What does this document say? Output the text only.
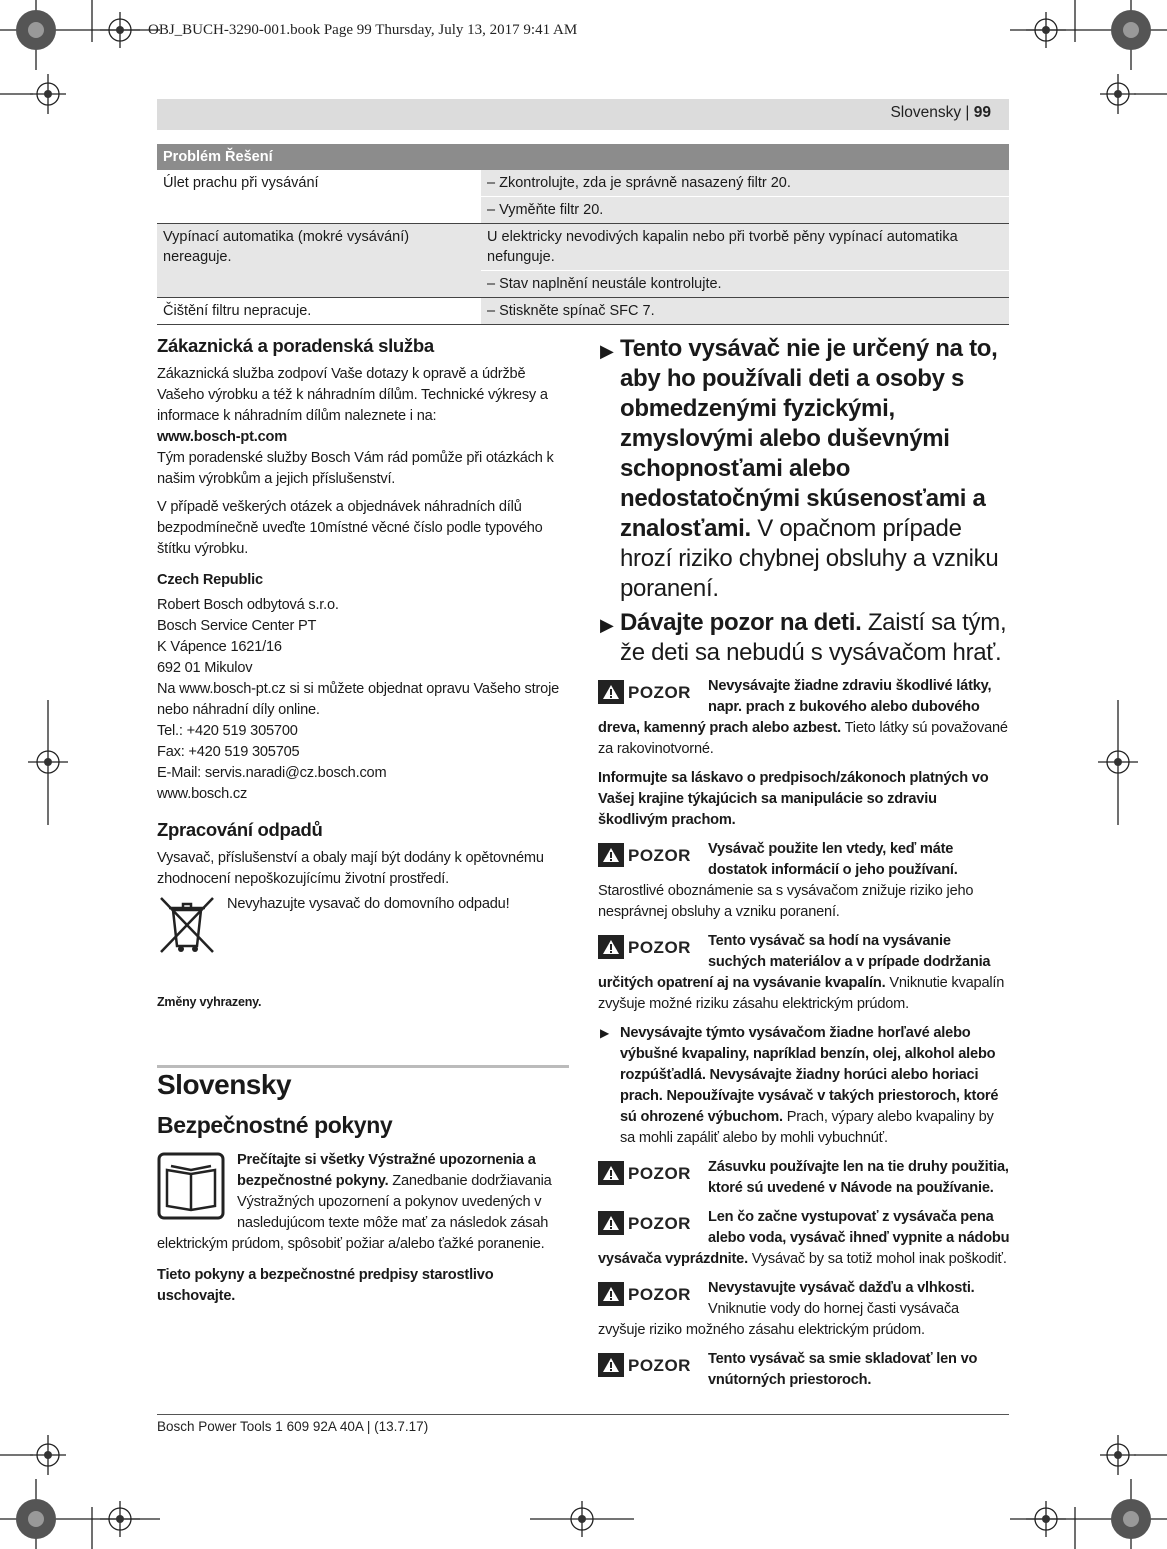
OBJ_BUCH-3290-001.book Page 99 Thursday, July 13, 2017 9:41 AM
Slovensky | 99
Problém Řešení	
Úlet prachu při vysávání	– Zkontrolujte, zda je správně nasazený filtr 20.
	– Vyměňte filtr 20.
Vypínací automatika (mokré vysávání) nereaguje.	U elektricky nevodivých kapalin nebo při tvorbě pěny vypínací automatika nefunguje.
	– Stav naplnění neustále kontrolujte.
Čištění filtru nepracuje.	– Stiskněte spínač SFC 7.
Zákaznická a poradenská služba

Zákaznická služba zodpoví Vaše dotazy k opravě a údržbě Vašeho výrobku a též k náhradním dílům. Technické výkresy a informace k náhradním dílům naleznete i na:
www.bosch-pt.com
Tým poradenské služby Bosch Vám rád pomůže při otázkách k našim výrobkům a jejich příslušenství.

V případě veškerých otázek a objednávek náhradních dílů bezpodmínečně uveďte 10místné věcné číslo podle typového štítku výrobku.

Czech Republic

Robert Bosch odbytová s.r.o.
Bosch Service Center PT
K Vápence 1621/16
692 01 Mikulov
Na www.bosch-pt.cz si si můžete objednat opravu Vašeho stroje nebo náhradní díly online.
Tel.: +420 519 305700
Fax: +420 519 305705
E-Mail: servis.naradi@cz.bosch.com
www.bosch.cz
Zpracování odpadů

Vysavač, příslušenství a obaly mají být dodány k opětovnému zhodnocení nepoškozujícímu životní prostředí.

Nevyhazujte vysavač do domovního odpadu!
Změny vyhrazeny.
Slovensky
Bezpečnostné pokyny
Prečítajte si všetky Výstražné upozornenia a bezpečnostné pokyny. Zanedbanie dodržiavania Výstražných upozornení a pokynov uvedených v nasledujúcom texte môže mať za následok zásah elektrickým prúdom, spôsobiť požiar a/alebo ťažké poranenie.

Tieto pokyny a bezpečnostné predpisy starostlivo uschovajte.

▶ Tento vysávač nie je určený na to, aby ho používali deti a osoby s obmedzenými fyzickými, zmyslovými alebo duševnými schopnosťami alebo nedostatočnými skúsenosťami a znalosťami. V opačnom prípade hrozí riziko chybnej obsluhy a vzniku poranení.
▶ Dávajte pozor na deti. Zaistí sa tým, že deti sa nebudú s vysávačom hrať.
POZOR Nevysávajte žiadne zdraviu škodlivé látky, napr. prach z bukového alebo dubového dreva, kamenný prach alebo azbest. Tieto látky sú považované za rakovinotvorné.

Informujte sa láskavo o predpisoch/zákonoch platných vo Vašej krajine týkajúcich sa manipulácie so zdraviu škodlivým prachom.

POZOR Vysávač použite len vtedy, keď máte dostatok informácií o jeho používaní. Starostlivé oboznámenie sa s vysávačom znižuje riziko jeho nesprávnej obsluhy a vzniku poranení.
POZOR Tento vysávač sa hodí na vysávanie suchých materiálov a v prípade dodržania určitých opatrení aj na vysávanie kvapalín. Vniknutie kvapalín zvyšuje možné riziku zásahu elektrickým prúdom.
▶ Nevysávajte týmto vysávačom žiadne horľavé alebo výbušné kvapaliny, napríklad benzín, olej, alkohol alebo rozpúšťadlá. Nevysávajte žiadny horúci alebo horiaci prach. Nepoužívajte vysávač v takých priestoroch, ktoré sú ohrozené výbuchom. Prach, výpary alebo kvapaliny by sa mohli zapáliť alebo by mohli vybuchnúť.
POZOR Zásuvku používajte len na tie druhy použitia, ktoré sú uvedené v Návode na používanie.
POZOR Len čo začne vystupovať z vysávača pena alebo voda, vysávač ihneď vypnite a nádobu vysávača vyprázdnite. Vysávač by sa totiž mohol inak poškodiť.
POZOR Nevystavujte vysávač dažďu a vlhkosti. Vniknutie vody do hornej časti vysávača zvyšuje riziko možného zásahu elektrickým prúdom.
POZOR Tento vysávač sa smie skladovať len vo vnútorných priestoroch.
Bosch Power Tools 1 609 92A 40A | (13.7.17)
